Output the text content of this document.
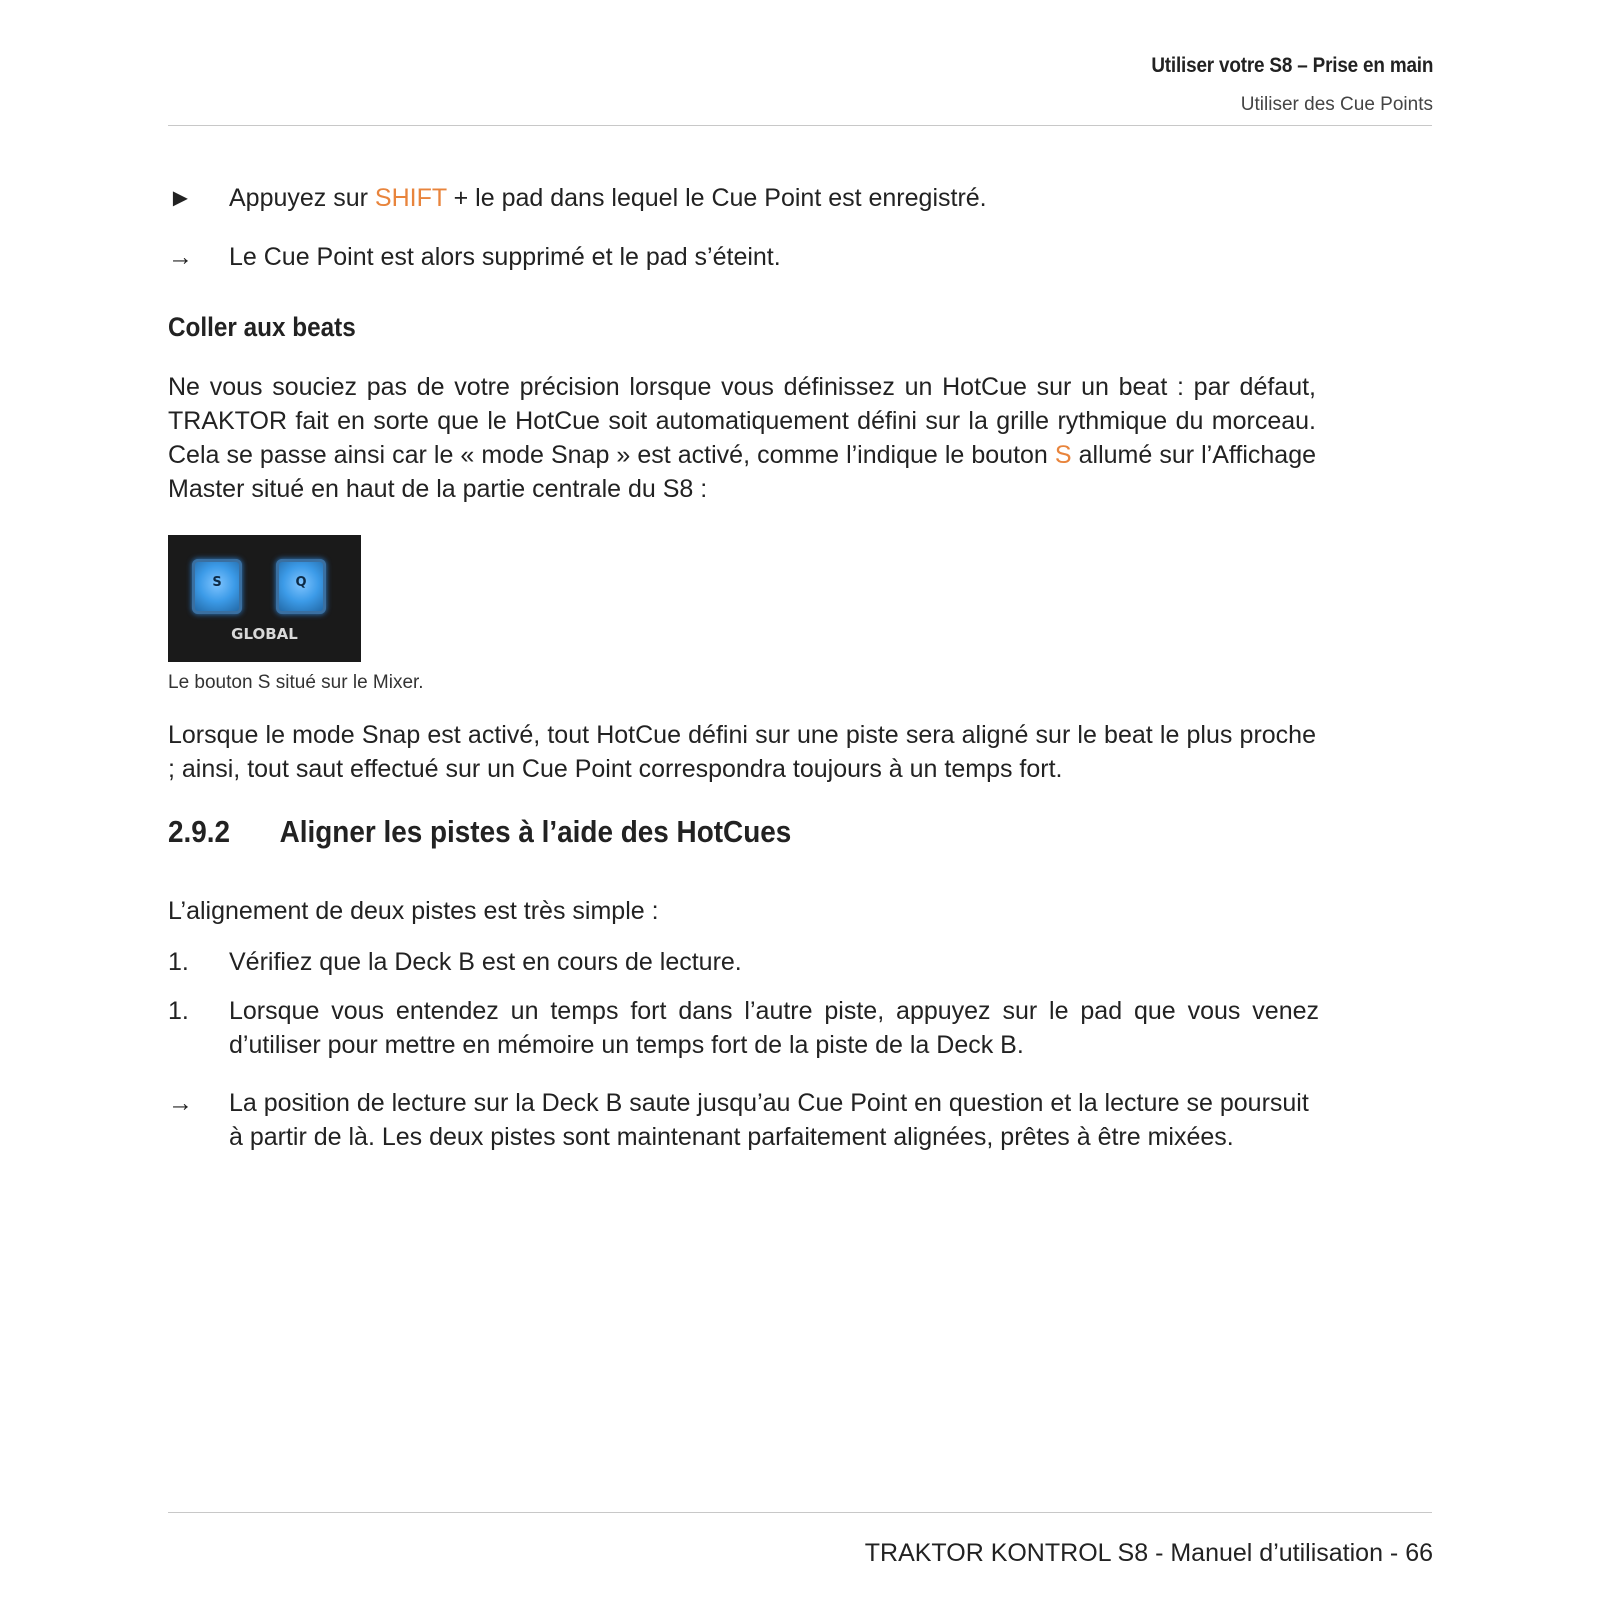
Utiliser votre S8 – Prise en main
Utiliser des Cue Points
► Appuyez sur SHIFT + le pad dans lequel le Cue Point est enregistré.
→ Le Cue Point est alors supprimé et le pad s’éteint.
Coller aux beats
Ne vous souciez pas de votre précision lorsque vous définissez un HotCue sur un beat : par défaut, TRAKTOR fait en sorte que le HotCue soit automatiquement défini sur la grille rythmique du morceau. Cela se passe ainsi car le « mode Snap » est activé, comme l’indique le bouton S allumé sur l’Affichage Master situé en haut de la partie centrale du S8 :
S	Q
GLOBAL
Le bouton S situé sur le Mixer.
Lorsque le mode Snap est activé, tout HotCue défini sur une piste sera aligné sur le beat le plus proche ; ainsi, tout saut effectué sur un Cue Point correspondra toujours à un temps fort.
2.9.2 Aligner les pistes à l’aide des HotCues
L’alignement de deux pistes est très simple :
1. Vérifiez que la Deck B est en cours de lecture.
1. Lorsque vous entendez un temps fort dans l’autre piste, appuyez sur le pad que vous venez d’utiliser pour mettre en mémoire un temps fort de la piste de la Deck B.
→ La position de lecture sur la Deck B saute jusqu’au Cue Point en question et la lecture se poursuit à partir de là. Les deux pistes sont maintenant parfaitement alignées, prêtes à être mixées.
TRAKTOR KONTROL S8 - Manuel d’utilisation - 66
